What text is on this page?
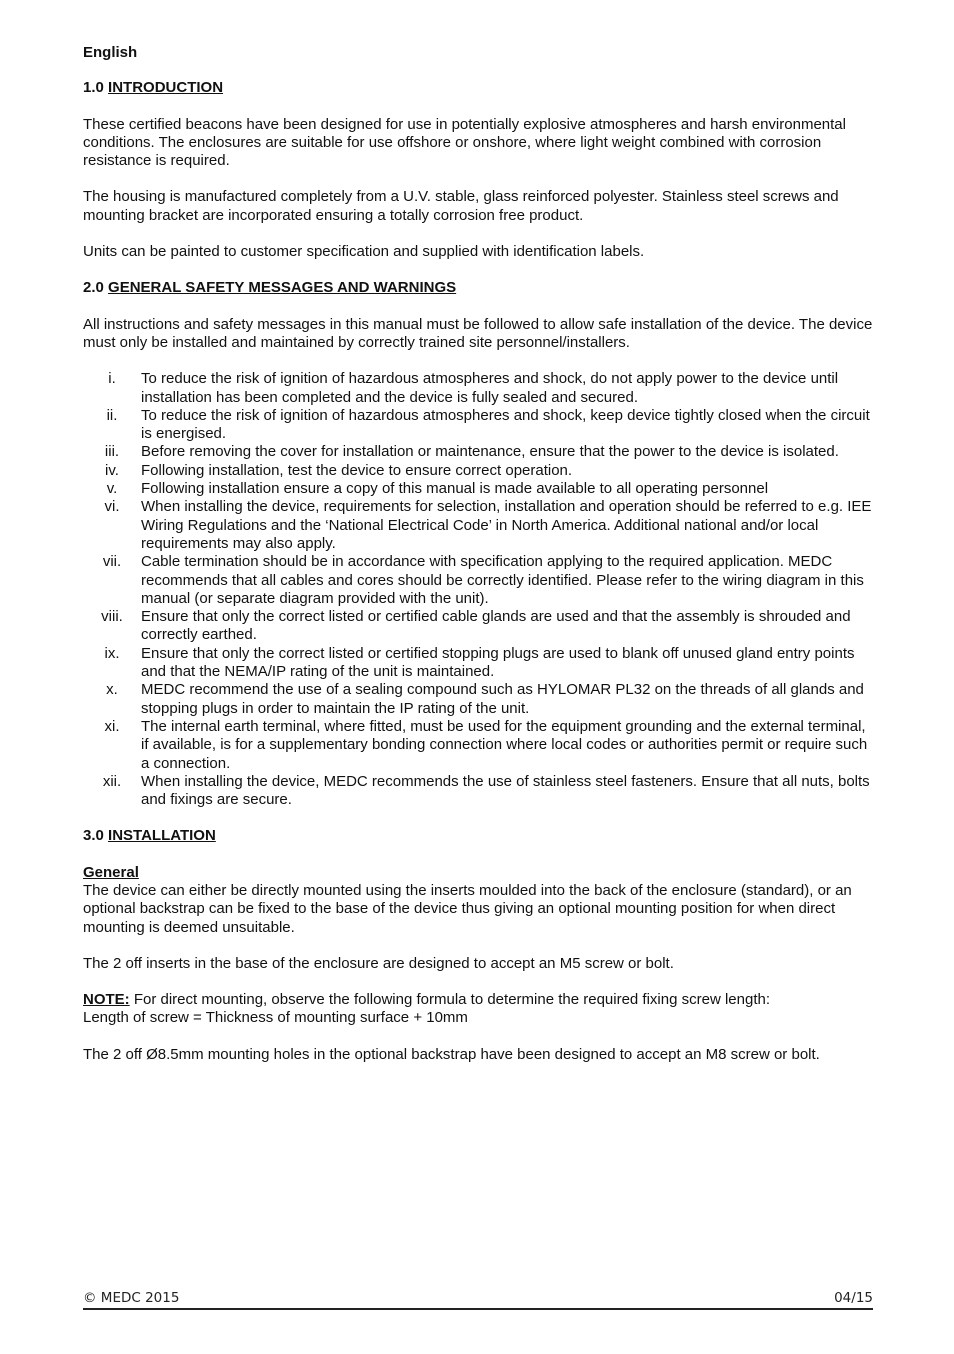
English
1.0 INTRODUCTION

These certified beacons have been designed for use in potentially explosive atmospheres and harsh environmental conditions. The enclosures are suitable for use offshore or onshore, where light weight combined with corrosion resistance is required.

The housing is manufactured completely from a U.V. stable, glass reinforced polyester. Stainless steel screws and mounting bracket are incorporated ensuring a totally corrosion free product.

Units can be painted to customer specification and supplied with identification labels.

2.0 GENERAL SAFETY MESSAGES AND WARNINGS

All instructions and safety messages in this manual must be followed to allow safe installation of the device. The device must only be installed and maintained by correctly trained site personnel/installers.

i.	To reduce the risk of ignition of hazardous atmospheres and shock, do not apply power to the device until installation has been completed and the device is fully sealed and secured.
ii.	To reduce the risk of ignition of hazardous atmospheres and shock, keep device tightly closed when the circuit is energised.
iii.	Before removing the cover for installation or maintenance, ensure that the power to the device is isolated.
iv.	Following installation, test the device to ensure correct operation.
v.	Following installation ensure a copy of this manual is made available to all operating personnel
vi.	When installing the device, requirements for selection, installation and operation should be referred to e.g. IEE Wiring Regulations and the ‘National Electrical Code’ in North America. Additional national and/or local requirements may also apply.
vii.	Cable termination should be in accordance with specification applying to the required application. MEDC recommends that all cables and cores should be correctly identified. Please refer to the wiring diagram in this manual (or separate diagram provided with the unit).
viii.	Ensure that only the correct listed or certified cable glands are used and that the assembly is shrouded and correctly earthed.
ix.	Ensure that only the correct listed or certified stopping plugs are used to blank off unused gland entry points and that the NEMA/IP rating of the unit is maintained.
x.	MEDC recommend the use of a sealing compound such as HYLOMAR PL32 on the threads of all glands and stopping plugs in order to maintain the IP rating of the unit.
xi.	The internal earth terminal, where fitted, must be used for the equipment grounding and the external terminal, if available, is for a supplementary bonding connection where local codes or authorities permit or require such a connection.
xii.	When installing the device, MEDC recommends the use of stainless steel fasteners. Ensure that all nuts, bolts and fixings are secure.
3.0 INSTALLATION
General

The device can either be directly mounted using the inserts moulded into the back of the enclosure (standard), or an optional backstrap can be fixed to the base of the device thus giving an optional mounting position for when direct mounting is deemed unsuitable.

The 2 off inserts in the base of the enclosure are designed to accept an M5 screw or bolt.

NOTE: For direct mounting, observe the following formula to determine the required fixing screw length:
Length of screw = Thickness of mounting surface + 10mm

The 2 off Ø8.5mm mounting holes in the optional backstrap have been designed to accept an M8 screw or bolt.

© MEDC 2015	04/15
